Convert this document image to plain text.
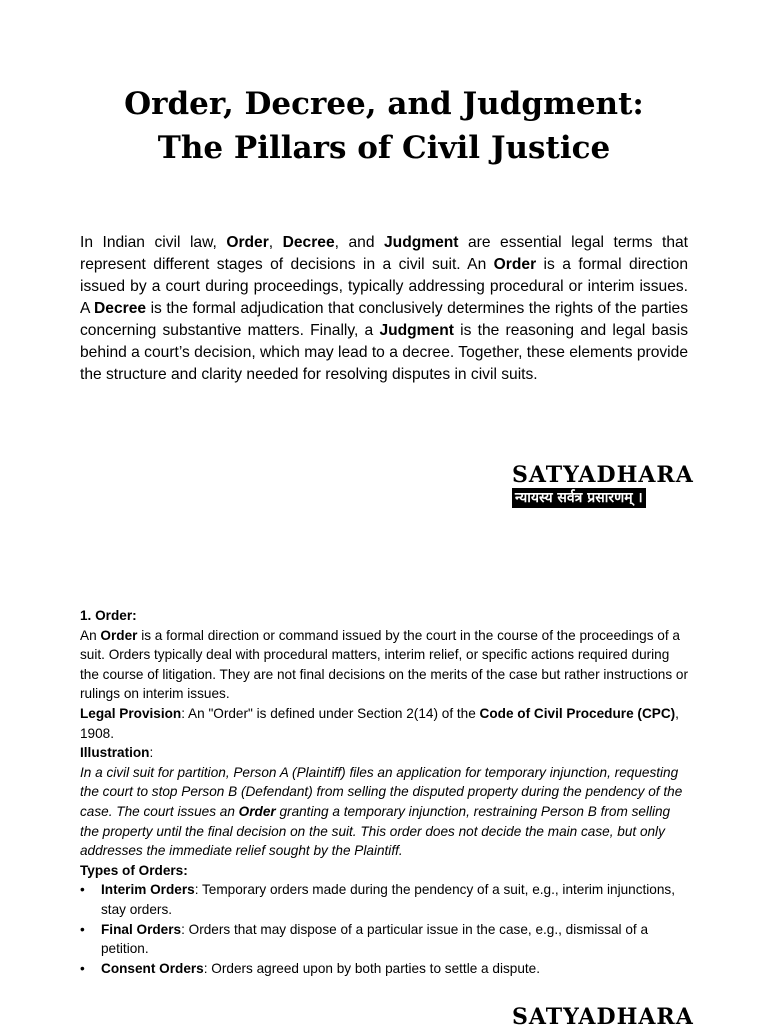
Order, Decree, and Judgment:
The Pillars of Civil Justice

In Indian civil law, Order, Decree, and Judgment are essential legal terms that represent different stages of decisions in a civil suit. An Order is a formal direction issued by a court during proceedings, typically addressing procedural or interim issues. A Decree is the formal adjudication that conclusively determines the rights of the parties concerning substantive matters. Finally, a Judgment is the reasoning and legal basis behind a court’s decision, which may lead to a decree. Together, these elements provide the structure and clarity needed for resolving disputes in civil suits.

SATYADHARA
न्यायस्य सर्वत्र प्रसारणम् ।

1. Order:

An Order is a formal direction or command issued by the court in the course of the proceedings of a suit. Orders typically deal with procedural matters, interim relief, or specific actions required during the course of litigation. They are not final decisions on the merits of the case but rather instructions or rulings on interim issues.

Legal Provision: An "Order" is defined under Section 2(14) of the Code of Civil Procedure (CPC), 1908.

Illustration:

In a civil suit for partition, Person A (Plaintiff) files an application for temporary injunction, requesting the court to stop Person B (Defendant) from selling the disputed property during the pendency of the case. The court issues an Order granting a temporary injunction, restraining Person B from selling the property until the final decision on the suit. This order does not decide the main case, but only addresses the immediate relief sought by the Plaintiff.

Types of Orders:

• Interim Orders: Temporary orders made during the pendency of a suit, e.g., interim injunctions, stay orders.
• Final Orders: Orders that may dispose of a particular issue in the case, e.g., dismissal of a petition.
• Consent Orders: Orders agreed upon by both parties to settle a dispute.
SATYADHARA
